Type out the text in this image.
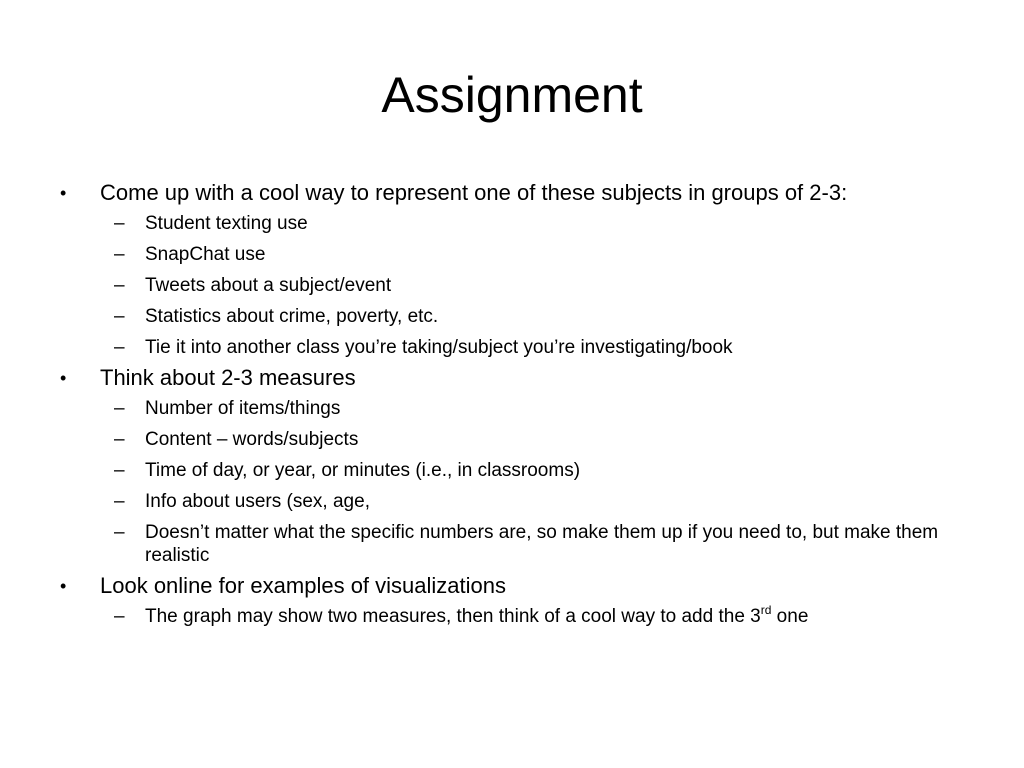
Assignment
•	Come up with a cool way to represent one of these subjects in groups of 2-3:
– Student texting use
– SnapChat use
– Tweets about a subject/event
– Statistics about crime, poverty, etc.
– Tie it into another class you’re taking/subject you’re investigating/book
•	Think about 2-3 measures
– Number of items/things
– Content – words/subjects
– Time of day, or year, or minutes (i.e., in classrooms)
– Info about users (sex, age,
– Doesn’t matter what the specific numbers are, so make them up if you need to, but make them realistic
•	Look online for examples of visualizations
– The graph may show two measures, then think of a cool way to add the 3rd one
